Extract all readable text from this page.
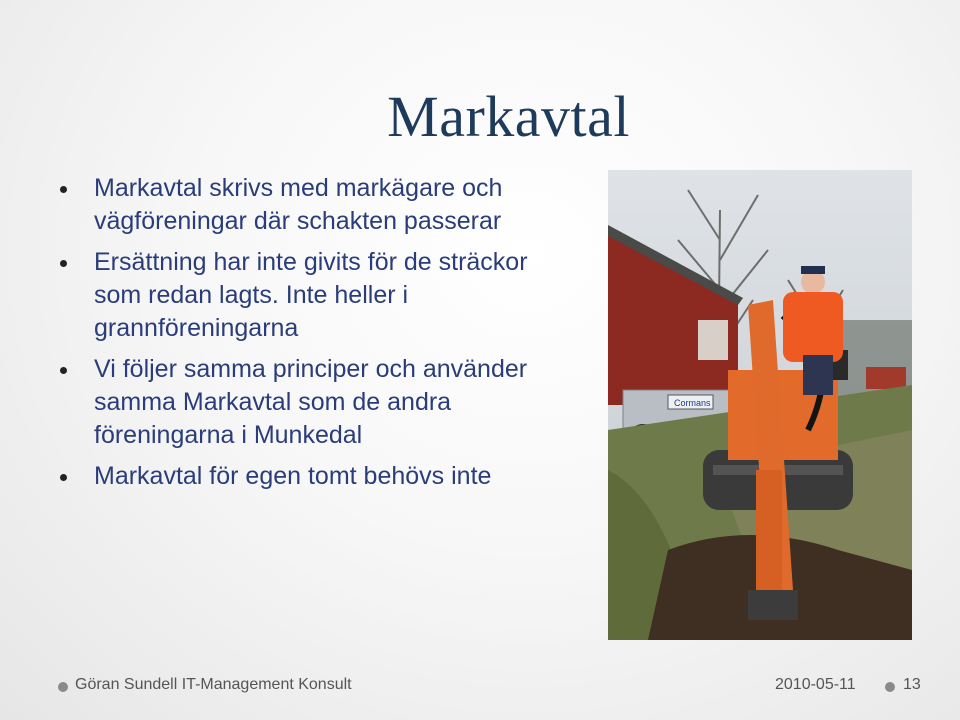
Markavtal
Markavtal skrivs med markägare och vägföreningar där schakten passerar
Ersättning har inte givits för de sträckor som redan lagts. Inte heller i grannföreningarna
Vi följer samma principer och använder samma Markavtal som de andra föreningarna i Munkedal
Markavtal för egen tomt behövs inte
Cormans
Göran Sundell IT-Management Konsult	2010-05-11	13
